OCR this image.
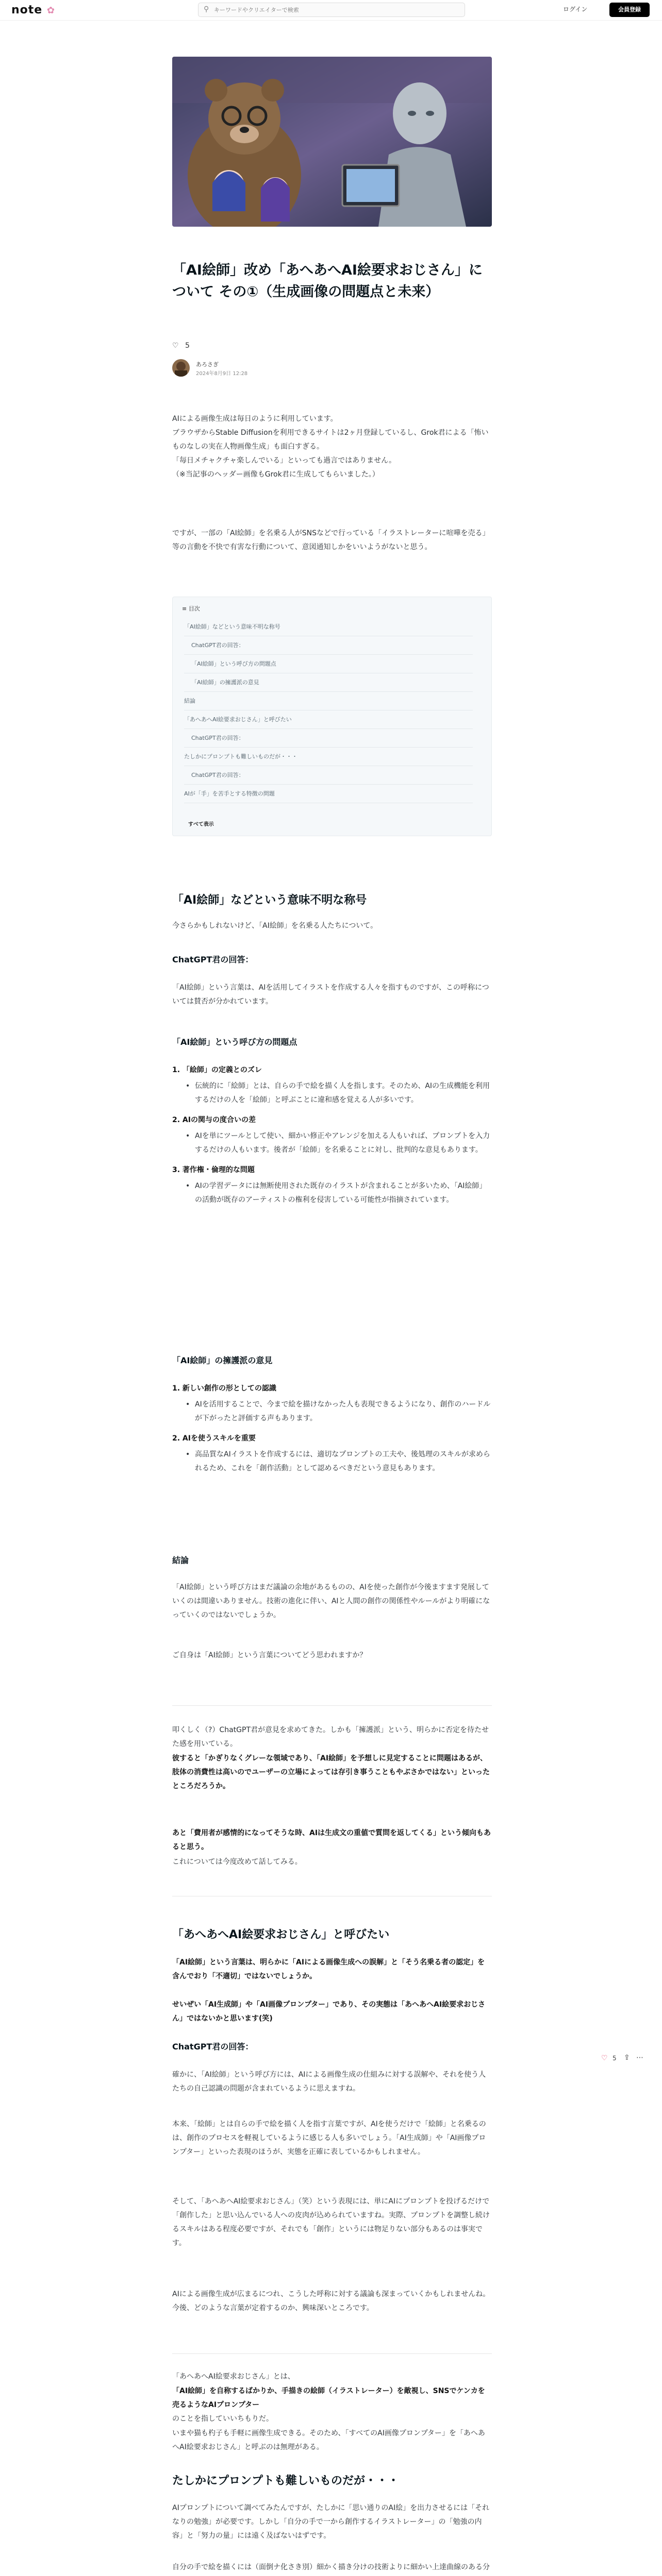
note ✿	⚲
キーワードやクリエイターで検索	ログイン	会員登録
「AI絵師」改め「あへあへAI絵要求おじさん」について その①（生成画像の問題点と未来）
♡ 5
あろさぎ
2024年8月9日 12:28

AIによる画像生成は毎日のように利用しています。

ブラウザからStable Diffusionを利用できるサイトは2ヶ月登録しているし、Grok君による「怖いものなしの実在人物画像生成」も面白すぎる。

「毎日メチャクチャ楽しんでいる」といっても過言ではありません。

（※当記事のヘッダー画像もGrok君に生成してもらいました。）

ですが、一部の「AI絵師」を名乗る人がSNSなどで行っている「イラストレーターに喧嘩を売る」等の言動を不快で有害な行動について、意図通知しかをいいようがないと思う。

≡ 目次
「AI絵師」などという意味不明な称号
ChatGPT君の回答：
「AI絵師」という呼び方の問題点
「AI絵師」の擁護派の意見
結論
「あへあへAI絵要求おじさん」と呼びたい
ChatGPT君の回答：
たしかにプロンプトも難しいものだが・・・
ChatGPT君の回答：
AIが「手」を苦手とする特徴の問題
すべて表示
「AI絵師」などという意味不明な称号
今さらかもしれないけど、「AI絵師」を名乗る人たちについて。
ChatGPT君の回答：
「AI絵師」という言葉は、AIを活用してイラストを作成する人々を指すものですが、この呼称については賛否が分かれています。
「AI絵師」という呼び方の問題点
1. 「絵師」の定義とのズレ
• 伝統的に「絵師」とは、自らの手で絵を描く人を指します。そのため、AIの生成機能を利用するだけの人を「絵師」と呼ぶことに違和感を覚える人が多いです。
2. AIの関与の度合いの差
• AIを単にツールとして使い、細かい修正やアレンジを加える人もいれば、プロンプトを入力するだけの人もいます。後者が「絵師」を名乗ることに対し、批判的な意見もあります。
3. 著作権・倫理的な問題
• AIの学習データには無断使用された既存のイラストが含まれることが多いため、「AI絵師」の活動が既存のアーティストの権利を侵害している可能性が指摘されています。
「AI絵師」の擁護派の意見
1. 新しい創作の形としての認識
• AIを活用することで、今まで絵を描けなかった人も表現できるようになり、創作のハードルが下がったと評価する声もあります。
2. AIを使うスキルを重要
• 高品質なAIイラストを作成するには、適切なプロンプトの工夫や、後処理のスキルが求められるため、これを「創作活動」として認めるべきだという意見もあります。
結論
「AI絵師」という呼び方はまだ議論の余地があるものの、AIを使った創作が今後ますます発展していくのは間違いありません。技術の進化に伴い、AIと人間の創作の関係性やルールがより明確になっていくのではないでしょうか。
ご自身は「AI絵師」という言葉についてどう思われますか？
叩くしく（?）ChatGPT君が意見を求めてきた。しかも「擁護派」という、明らかに否定を待たせた感を用いている。
彼すると「かぎりなくグレーな領域であり、「AI絵師」を予想しに見定することに問題はあるが、肢体の消費性は高いのでユーザーの立場によっては存引き事うこともやぶさかではない」といったところだろうか。
あと「費用者が感情的になってそうな時、AIは生成文の重値で質問を返してくる」という傾向もあると思う。
これについては今度改めて話してみる。
「あへあへAI絵要求おじさん」と呼びたい
「AI絵師」という言葉は、明らかに「AIによる画像生成への誤解」と「そう名乗る者の認定」を含んでおり「不適切」ではないでしょうか。
せいぜい「AI生成師」や「AI画像プロンプター」であり、その実態は「あへあへAI絵要求おじさん」ではないかと思います(笑)
ChatGPT君の回答：
確かに、「AI絵師」という呼び方には、AIによる画像生成の仕組みに対する誤解や、それを使う人たちの自己認識の問題が含まれているように思えますね。
本来、「絵師」とは自らの手で絵を描く人を指す言葉ですが、AIを使うだけで「絵師」と名乗るのは、創作のプロセスを軽視しているように感じる人も多いでしょう。「AI生成師」や「AI画像プロンプター」といった表現のほうが、実態を正確に表しているかもしれません。
そして、「あへあへAI絵要求おじさん」（笑）という表現には、単にAIにプロンプトを投げるだけで「創作した」と思い込んでいる人への皮肉が込められていますね。実際、プロンプトを調整し続けるスキルはある程度必要ですが、それでも「創作」というには物足りない部分もあるのは事実です。
AIによる画像生成が広まるにつれ、こうした呼称に対する議論も深まっていくかもしれませんね。今後、どのような言葉が定着するのか、興味深いところです。
「あへあへAI絵要求おじさん」とは、
「AI絵師」を自称するばかりか、手描きの絵師（イラストレーター）を敵視し、SNSでケンカを売るようなAIプロンプター
のことを指していいちもりだ。
いまや猫も杓子も手軽に画像生成できる。そのため、「すべてのAI画像プロンプター」を「あへあへAI絵要求おじさん」と呼ぶのは無理がある。
たしかにプロンプトも難しいものだが・・・
AIプロンプトについて調べてみたんですが、たしかに「思い通りのAI絵」を出力させるには「それなりの勉強」が必要です。しかし「自分の手で一から創作するイラストレーター」の「勉強の内容」と「努力の量」には遠く及ばないはずです。
自分の手で絵を描くには（面倒ナ化さき別）細かく描き分けの技術よりに細かい上達曲線のある分
♡ 5 ⇪ ⋯
